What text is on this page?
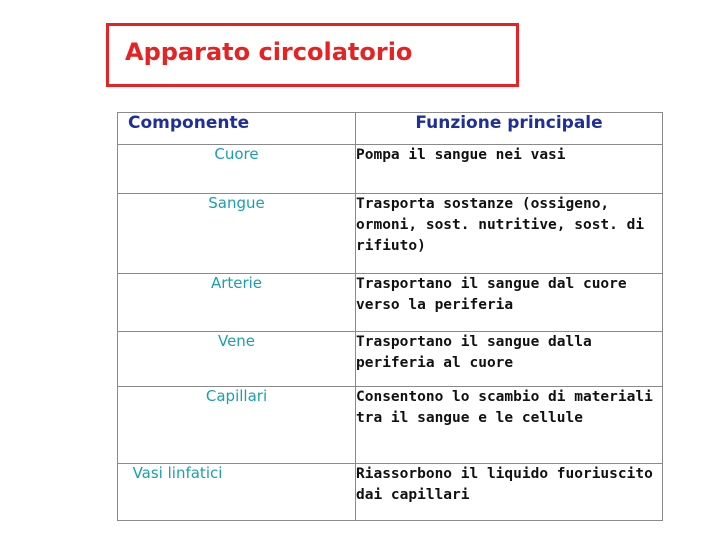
Apparato circolatorio
Componente	Funzione principale
Cuore	Pompa il sangue nei vasi
Sangue	Trasporta sostanze (ossigeno, ormoni, sost. nutritive, sost. di rifiuto)
Arterie	Trasportano il sangue dal cuore verso la periferia
Vene	Trasportano il sangue dalla periferia al cuore
Capillari	Consentono lo scambio di materiali tra il sangue e le cellule
Vasi linfatici	Riassorbono il liquido fuoriuscito dai capillari
